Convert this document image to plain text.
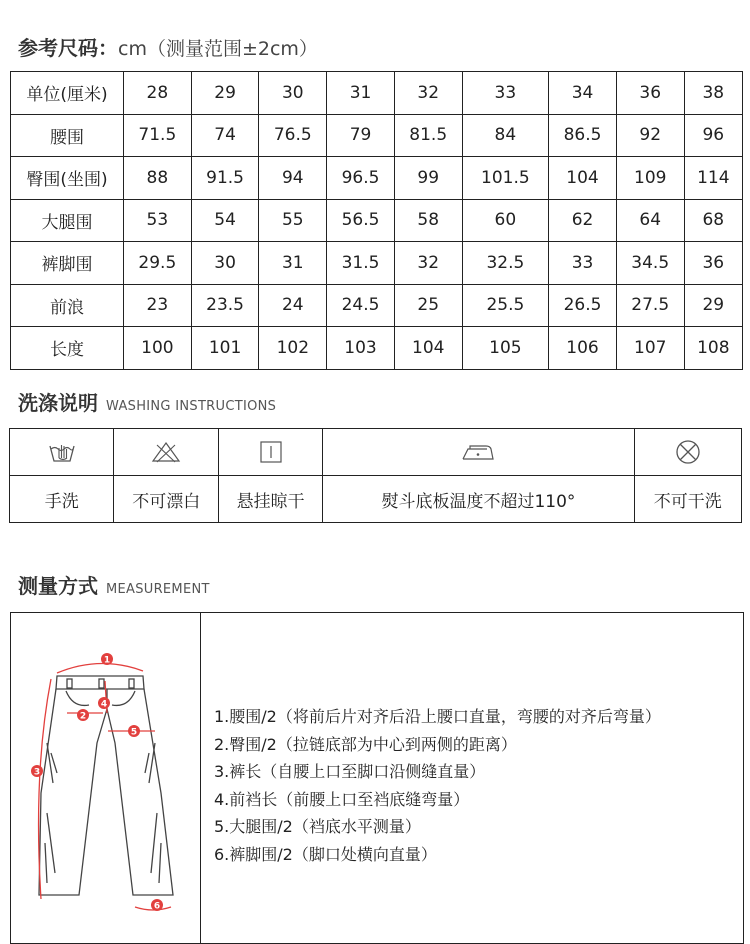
参考尺码：cm（测量范围±2cm）
单位(厘米)	28	29	30	31	32	33	34	36	38
腰围	71.5	74	76.5	79	81.5	84	86.5	92	96
臀围(坐围)	88	91.5	94	96.5	99	101.5	104	109	114
大腿围	53	54	55	56.5	58	60	62	64	68
裤脚围	29.5	30	31	31.5	32	32.5	33	34.5	36
前浪	23	23.5	24	24.5	25	25.5	26.5	27.5	29
长度	100	101	102	103	104	105	106	107	108
洗涤说明 WASHING INSTRUCTIONS

手洗	不可漂白	悬挂晾干	熨斗底板温度不超过110°	不可干洗
测量方式 MEASUREMENT
1
2
3
4
5
6
1.腰围/2（将前后片对齐后沿上腰口直量，弯腰的对齐后弯量）
2.臀围/2（拉链底部为中心到两侧的距离）
3.裤长（自腰上口至脚口沿侧缝直量）
4.前裆长（前腰上口至裆底缝弯量）
5.大腿围/2（裆底水平测量）
6.裤脚围/2（脚口处横向直量）
